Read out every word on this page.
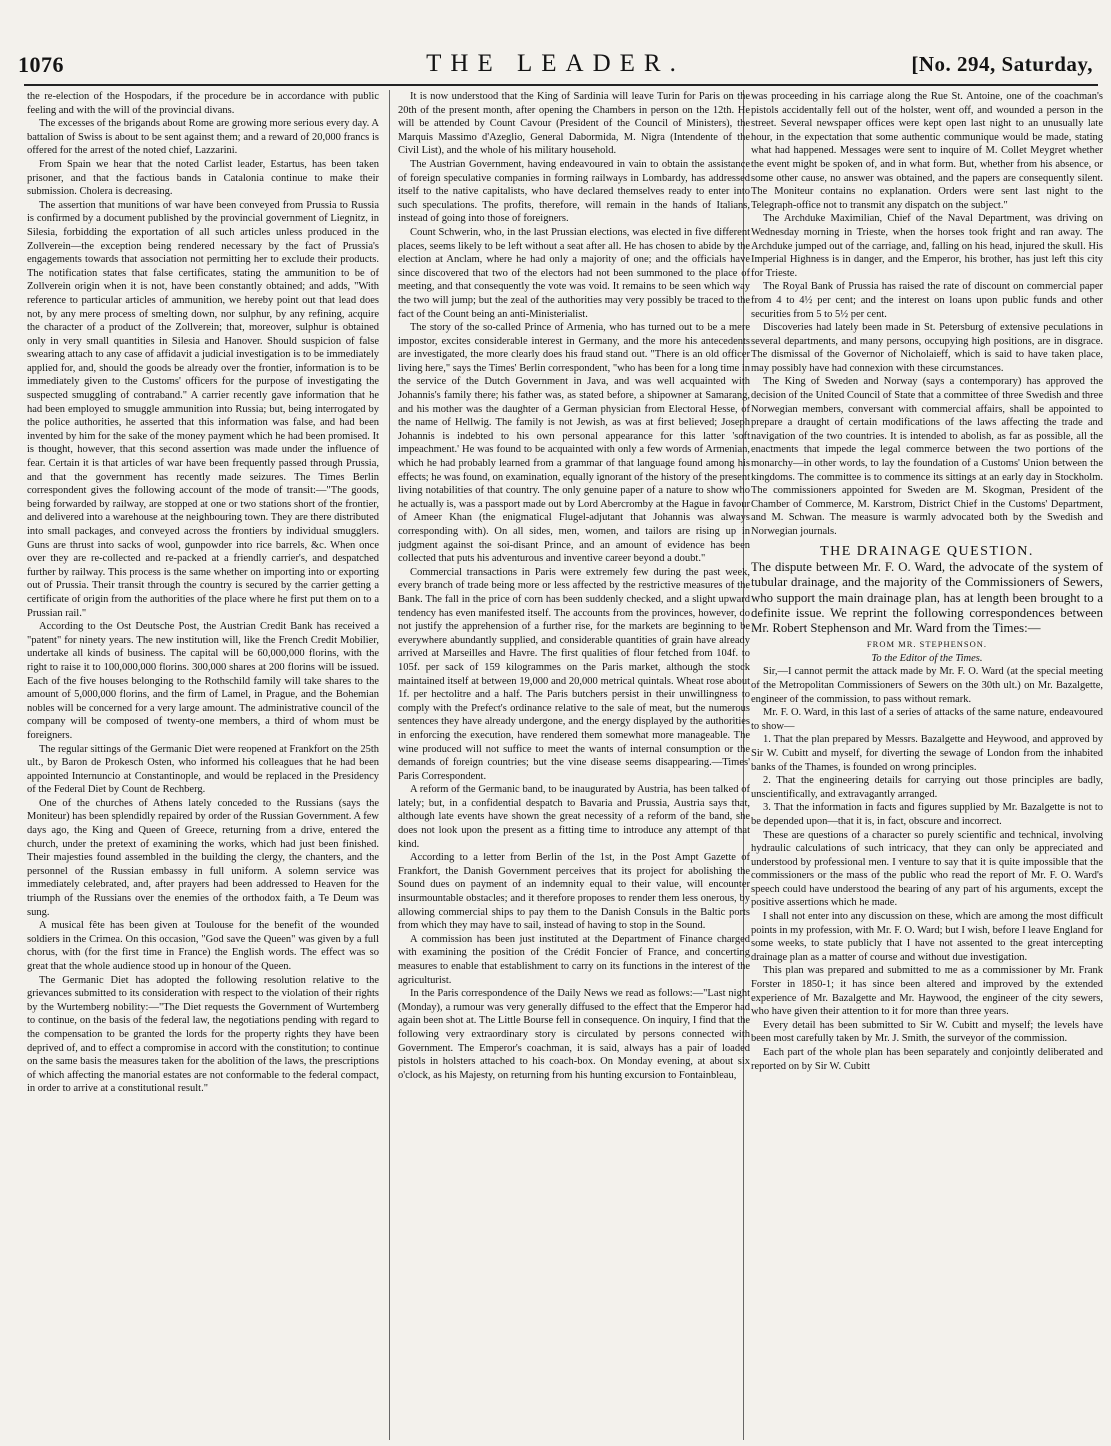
1076	THE LEADER.	[No. 294, Saturday,

the re-election of the Hospodars, if the procedure be in accordance with public feeling and with the will of the provincial divans.

The excesses of the brigands about Rome are growing more serious every day. A battalion of Swiss is about to be sent against them; and a reward of 20,000 francs is offered for the arrest of the noted chief, Lazzarini.

From Spain we hear that the noted Carlist leader, Estartus, has been taken prisoner, and that the factious bands in Catalonia continue to make their submission. Cholera is decreasing.

The assertion that munitions of war have been conveyed from Prussia to Russia is confirmed by a document published by the provincial government of Liegnitz, in Silesia, forbidding the exportation of all such articles unless produced in the Zollverein—the exception being rendered necessary by the fact of Prussia's engagements towards that association not permitting her to exclude their products. The notification states that false certificates, stating the ammunition to be of Zollverein origin when it is not, have been constantly obtained; and adds, "With reference to particular articles of ammunition, we hereby point out that lead does not, by any mere process of smelting down, nor sulphur, by any refining, acquire the character of a product of the Zollverein; that, moreover, sulphur is obtained only in very small quantities in Silesia and Hanover. Should suspicion of false swearing attach to any case of affidavit a judicial investigation is to be immediately applied for, and, should the goods be already over the frontier, information is to be immediately given to the Customs' officers for the purpose of investigating the suspected smuggling of contraband." A carrier recently gave information that he had been employed to smuggle ammunition into Russia; but, being interrogated by the police authorities, he asserted that this information was false, and had been invented by him for the sake of the money payment which he had been promised. It is thought, however, that this second assertion was made under the influence of fear. Certain it is that articles of war have been frequently passed through Prussia, and that the government has recently made seizures. The Times Berlin correspondent gives the following account of the mode of transit:—"The goods, being forwarded by railway, are stopped at one or two stations short of the frontier, and delivered into a warehouse at the neighbouring town. They are there distributed into small packages, and conveyed across the frontiers by individual smugglers. Guns are thrust into sacks of wool, gunpowder into rice barrels, &c. When once over they are re-collected and re-packed at a friendly carrier's, and despatched further by railway. This process is the same whether on importing into or exporting out of Prussia. Their transit through the country is secured by the carrier getting a certificate of origin from the authorities of the place where he first put them on to a Prussian rail."

According to the Ost Deutsche Post, the Austrian Credit Bank has received a "patent" for ninety years. The new institution will, like the French Credit Mobilier, undertake all kinds of business. The capital will be 60,000,000 florins, with the right to raise it to 100,000,000 florins. 300,000 shares at 200 florins will be issued. Each of the five houses belonging to the Rothschild family will take shares to the amount of 5,000,000 florins, and the firm of Lamel, in Prague, and the Bohemian nobles will be concerned for a very large amount. The administrative council of the company will be composed of twenty-one members, a third of whom must be foreigners.

The regular sittings of the Germanic Diet were reopened at Frankfort on the 25th ult., by Baron de Prokesch Osten, who informed his colleagues that he had been appointed Internuncio at Constantinople, and would be replaced in the Presidency of the Federal Diet by Count de Rechberg.

One of the churches of Athens lately conceded to the Russians (says the Moniteur) has been splendidly repaired by order of the Russian Government. A few days ago, the King and Queen of Greece, returning from a drive, entered the church, under the pretext of examining the works, which had just been finished. Their majesties found assembled in the building the clergy, the chanters, and the personnel of the Russian embassy in full uniform. A solemn service was immediately celebrated, and, after prayers had been addressed to Heaven for the triumph of the Russians over the enemies of the orthodox faith, a Te Deum was sung.

A musical fête has been given at Toulouse for the benefit of the wounded soldiers in the Crimea. On this occasion, "God save the Queen" was given by a full chorus, with (for the first time in France) the English words. The effect was so great that the whole audience stood up in honour of the Queen.

The Germanic Diet has adopted the following resolution relative to the grievances submitted to its consideration with respect to the violation of their rights by the Wurtemberg nobility:—"The Diet requests the Government of Wurtemberg to continue, on the basis of the federal law, the negotiations pending with regard to the compensation to be granted the lords for the property rights they have been deprived of, and to effect a compromise in accord with the constitution; to continue on the same basis the measures taken for the abolition of the laws, the prescriptions of which affecting the manorial estates are not conformable to the federal compact, in order to arrive at a constitutional result."

It is now understood that the King of Sardinia will leave Turin for Paris on the 20th of the present month, after opening the Chambers in person on the 12th. He will be attended by Count Cavour (President of the Council of Ministers), the Marquis Massimo d'Azeglio, General Dabormida, M. Nigra (Intendente of the Civil List), and the whole of his military household.

The Austrian Government, having endeavoured in vain to obtain the assistance of foreign speculative companies in forming railways in Lombardy, has addressed itself to the native capitalists, who have declared themselves ready to enter into such speculations. The profits, therefore, will remain in the hands of Italians, instead of going into those of foreigners.

Count Schwerin, who, in the last Prussian elections, was elected in five different places, seems likely to be left without a seat after all. He has chosen to abide by the election at Anclam, where he had only a majority of one; and the officials have since discovered that two of the electors had not been summoned to the place of meeting, and that consequently the vote was void. It remains to be seen which way the two will jump; but the zeal of the authorities may very possibly be traced to the fact of the Count being an anti-Ministerialist.

The story of the so-called Prince of Armenia, who has turned out to be a mere impostor, excites considerable interest in Germany, and the more his antecedents are investigated, the more clearly does his fraud stand out. "There is an old officer living here," says the Times' Berlin correspondent, "who has been for a long time in the service of the Dutch Government in Java, and was well acquainted with Johannis's family there; his father was, as stated before, a shipowner at Samarang, and his mother was the daughter of a German physician from Electoral Hesse, of the name of Hellwig. The family is not Jewish, as was at first believed; Joseph Johannis is indebted to his own personal appearance for this latter 'soft impeachment.' He was found to be acquainted with only a few words of Armenian, which he had probably learned from a grammar of that language found among his effects; he was found, on examination, equally ignorant of the history of the present living notabilities of that country. The only genuine paper of a nature to show who he actually is, was a passport made out by Lord Abercromby at the Hague in favour of Ameer Khan (the enigmatical Flugel-adjutant that Johannis was always corresponding with). On all sides, men, women, and tailors are rising up in judgment against the soi-disant Prince, and an amount of evidence has been collected that puts his adventurous and inventive career beyond a doubt."

Commercial transactions in Paris were extremely few during the past week, every branch of trade being more or less affected by the restrictive measures of the Bank. The fall in the price of corn has been suddenly checked, and a slight upward tendency has even manifested itself. The accounts from the provinces, however, do not justify the apprehension of a further rise, for the markets are beginning to be everywhere abundantly supplied, and considerable quantities of grain have already arrived at Marseilles and Havre. The first qualities of flour fetched from 104f. to 105f. per sack of 159 kilogrammes on the Paris market, although the stock maintained itself at between 19,000 and 20,000 metrical quintals. Wheat rose about 1f. per hectolitre and a half. The Paris butchers persist in their unwillingness to comply with the Prefect's ordinance relative to the sale of meat, but the numerous sentences they have already undergone, and the energy displayed by the authorities in enforcing the execution, have rendered them somewhat more manageable. The wine produced will not suffice to meet the wants of internal consumption or the demands of foreign countries; but the vine disease seems disappearing.—Times' Paris Correspondent.

A reform of the Germanic band, to be inaugurated by Austria, has been talked of lately; but, in a confidential despatch to Bavaria and Prussia, Austria says that, although late events have shown the great necessity of a reform of the band, she does not look upon the present as a fitting time to introduce any attempt of that kind.

According to a letter from Berlin of the 1st, in the Post Ampt Gazette of Frankfort, the Danish Government perceives that its project for abolishing the Sound dues on payment of an indemnity equal to their value, will encounter insurmountable obstacles; and it therefore proposes to render them less onerous, by allowing commercial ships to pay them to the Danish Consuls in the Baltic ports from which they may have to sail, instead of having to stop in the Sound.

A commission has been just instituted at the Department of Finance charged with examining the position of the Crédit Foncier of France, and concerting measures to enable that establishment to carry on its functions in the interest of the agriculturist.

In the Paris correspondence of the Daily News we read as follows:—"Last night (Monday), a rumour was very generally diffused to the effect that the Emperor had again been shot at. The Little Bourse fell in consequence. On inquiry, I find that the following very extraordinary story is circulated by persons connected with Government. The Emperor's coachman, it is said, always has a pair of loaded pistols in holsters attached to his coach-box. On Monday evening, at about six o'clock, as his Majesty, on returning from his hunting excursion to Fontainbleau,

was proceeding in his carriage along the Rue St. Antoine, one of the coachman's pistols accidentally fell out of the holster, went off, and wounded a person in the street. Several newspaper offices were kept open last night to an unusually late hour, in the expectation that some authentic communique would be made, stating what had happened. Messages were sent to inquire of M. Collet Meygret whether the event might be spoken of, and in what form. But, whether from his absence, or some other cause, no answer was obtained, and the papers are consequently silent. The Moniteur contains no explanation. Orders were sent last night to the Telegraph-office not to transmit any dispatch on the subject."

The Archduke Maximilian, Chief of the Naval Department, was driving on Wednesday morning in Trieste, when the horses took fright and ran away. The Archduke jumped out of the carriage, and, falling on his head, injured the skull. His Imperial Highness is in danger, and the Emperor, his brother, has just left this city for Trieste.

The Royal Bank of Prussia has raised the rate of discount on commercial paper from 4 to 4½ per cent; and the interest on loans upon public funds and other securities from 5 to 5½ per cent.

Discoveries had lately been made in St. Petersburg of extensive peculations in several departments, and many persons, occupying high positions, are in disgrace. The dismissal of the Governor of Nicholaieff, which is said to have taken place, may possibly have had connexion with these circumstances.

The King of Sweden and Norway (says a contemporary) has approved the decision of the United Council of State that a committee of three Swedish and three Norwegian members, conversant with commercial affairs, shall be appointed to prepare a draught of certain modifications of the laws affecting the trade and navigation of the two countries. It is intended to abolish, as far as possible, all the enactments that impede the legal commerce between the two portions of the monarchy—in other words, to lay the foundation of a Customs' Union between the kingdoms. The committee is to commence its sittings at an early day in Stockholm. The commissioners appointed for Sweden are M. Skogman, President of the Chamber of Commerce, M. Karstrom, District Chief in the Customs' Department, and M. Schwan. The measure is warmly advocated both by the Swedish and Norwegian journals.

THE DRAINAGE QUESTION.

The dispute between Mr. F. O. Ward, the advocate of the system of tubular drainage, and the majority of the Commissioners of Sewers, who support the main drainage plan, has at length been brought to a definite issue. We reprint the following correspondences between Mr. Robert Stephenson and Mr. Ward from the Times:—

FROM MR. STEPHENSON.
To the Editor of the Times.

Sir,—I cannot permit the attack made by Mr. F. O. Ward (at the special meeting of the Metropolitan Commissioners of Sewers on the 30th ult.) on Mr. Bazalgette, engineer of the commission, to pass without remark.

Mr. F. O. Ward, in this last of a series of attacks of the same nature, endeavoured to show—

1. That the plan prepared by Messrs. Bazalgette and Heywood, and approved by Sir W. Cubitt and myself, for diverting the sewage of London from the inhabited banks of the Thames, is founded on wrong principles.

2. That the engineering details for carrying out those principles are badly, unscientifically, and extravagantly arranged.

3. That the information in facts and figures supplied by Mr. Bazalgette is not to be depended upon—that it is, in fact, obscure and incorrect.

These are questions of a character so purely scientific and technical, involving hydraulic calculations of such intricacy, that they can only be appreciated and understood by professional men. I venture to say that it is quite impossible that the commissioners or the mass of the public who read the report of Mr. F. O. Ward's speech could have understood the bearing of any part of his arguments, except the positive assertions which he made.

I shall not enter into any discussion on these, which are among the most difficult points in my profession, with Mr. F. O. Ward; but I wish, before I leave England for some weeks, to state publicly that I have not assented to the great intercepting drainage plan as a matter of course and without due investigation.

This plan was prepared and submitted to me as a commissioner by Mr. Frank Forster in 1850-1; it has since been altered and improved by the extended experience of Mr. Bazalgette and Mr. Haywood, the engineer of the city sewers, who have given their attention to it for more than three years.

Every detail has been submitted to Sir W. Cubitt and myself; the levels have been most carefully taken by Mr. J. Smith, the surveyor of the commission.

Each part of the whole plan has been separately and conjointly deliberated and reported on by Sir W. Cubitt
